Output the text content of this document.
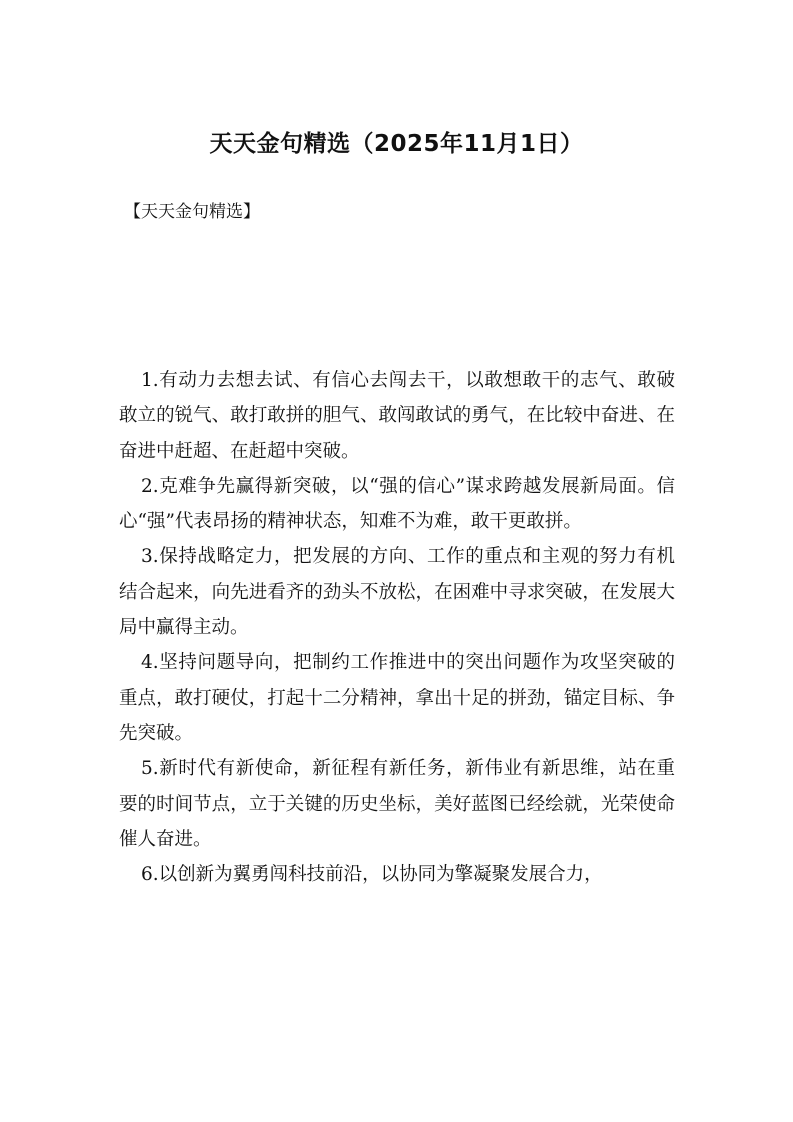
天天金句精选（2025年11月1日）

【天天金句精选】

1.有动力去想去试、有信心去闯去干，以敢想敢干的志气、敢破敢立的锐气、敢打敢拼的胆气、敢闯敢试的勇气，在比较中奋进、在奋进中赶超、在赶超中突破。

2.克难争先赢得新突破，以“强的信心”谋求跨越发展新局面。信心“强”代表昂扬的精神状态，知难不为难，敢干更敢拼。

3.保持战略定力，把发展的方向、工作的重点和主观的努力有机结合起来，向先进看齐的劲头不放松，在困难中寻求突破，在发展大局中赢得主动。

4.坚持问题导向，把制约工作推进中的突出问题作为攻坚突破的重点，敢打硬仗，打起十二分精神，拿出十足的拼劲，锚定目标、争先突破。

5.新时代有新使命，新征程有新任务，新伟业有新思维，站在重要的时间节点，立于关键的历史坐标，美好蓝图已经绘就，光荣使命催人奋进。

6.以创新为翼勇闯科技前沿，以协同为擎凝聚发展合力，
